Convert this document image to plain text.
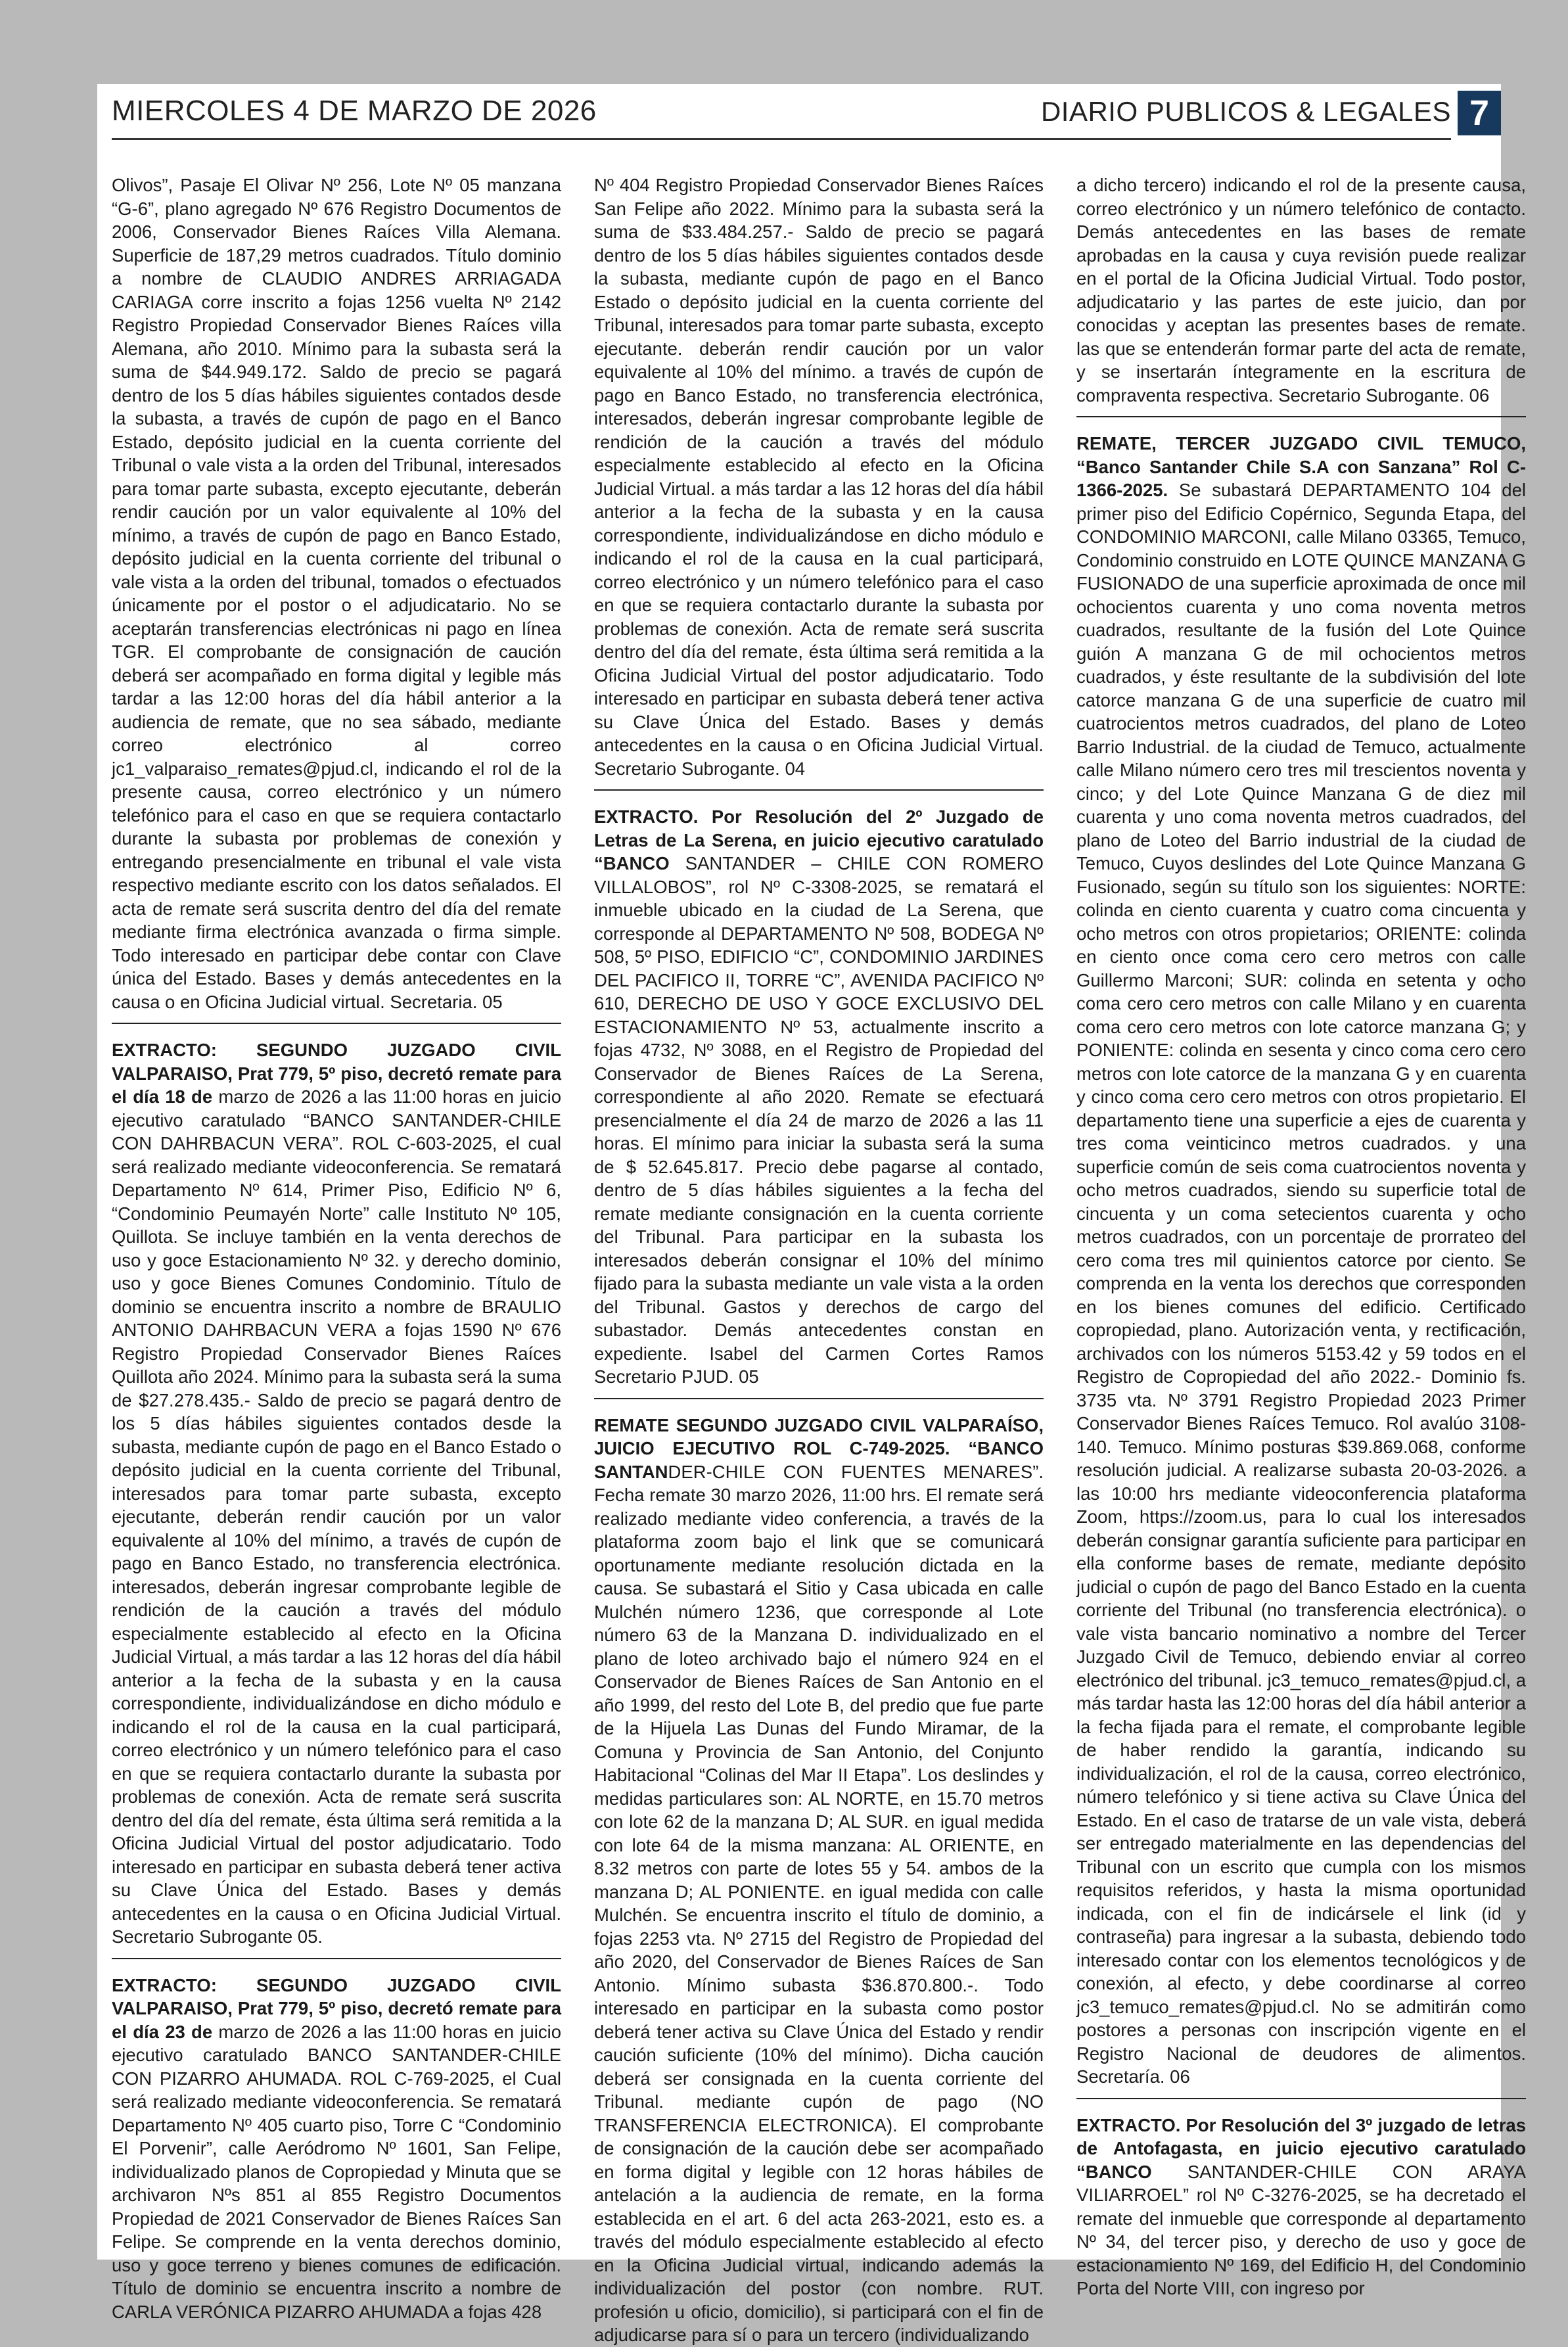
MIERCOLES 4 DE MARZO DE 2026	DIARIO PUBLICOS & LEGALES 7

Olivos”, Pasaje El Olivar Nº 256, Lote Nº 05 manzana “G-6”, plano agregado Nº 676 Registro Documentos de 2006, Conservador Bienes Raíces Villa Alemana. Superficie de 187,29 metros cuadrados. Título dominio a nombre de CLAUDIO ANDRES ARRIAGADA CARIAGA corre inscrito a fojas 1256 vuelta Nº 2142 Registro Propiedad Conservador Bienes Raíces villa Alemana, año 2010. Mínimo para la subasta será la suma de $44.949.172. Saldo de precio se pagará dentro de los 5 días hábiles siguientes contados desde la subasta, a través de cupón de pago en el Banco Estado, depósito judicial en la cuenta corriente del Tribunal o vale vista a la orden del Tribunal, interesados para tomar parte subasta, excepto ejecutante, deberán rendir caución por un valor equivalente al 10% del mínimo, a través de cupón de pago en Banco Estado, depósito judicial en la cuenta corriente del tribunal o vale vista a la orden del tribunal, tomados o efectuados únicamente por el postor o el adjudicatario. No se aceptarán transferencias electrónicas ni pago en línea TGR. El comprobante de consignación de caución deberá ser acompañado en forma digital y legible más tardar a las 12:00 horas del día hábil anterior a la audiencia de remate, que no sea sábado, mediante correo electrónico al correo jc1_valparaiso_remates@pjud.cl, indicando el rol de la presente causa, correo electrónico y un número telefónico para el caso en que se requiera contactarlo durante la subasta por problemas de conexión y entregando presencialmente en tribunal el vale vista respectivo mediante escrito con los datos señalados. El acta de remate será suscrita dentro del día del remate mediante firma electrónica avanzada o firma simple. Todo interesado en participar debe contar con Clave única del Estado. Bases y demás antecedentes en la causa o en Oficina Judicial virtual. Secretaria. 05

EXTRACTO: SEGUNDO JUZGADO CIVIL VALPARAISO, Prat 779, 5º piso, decretó remate para el día 18 de marzo de 2026 a las 11:00 horas en juicio ejecutivo caratulado “BANCO SANTANDER-CHILE CON DAHRBACUN VERA”. ROL C-603-2025, el cual será realizado mediante videoconferencia. Se rematará Departamento Nº 614, Primer Piso, Edificio Nº 6, “Condominio Peumayén Norte” calle Instituto Nº 105, Quillota. Se incluye también en la venta derechos de uso y goce Estacionamiento Nº 32. y derecho dominio, uso y goce Bienes Comunes Condominio. Título de dominio se encuentra inscrito a nombre de BRAULIO ANTONIO DAHRBACUN VERA a fojas 1590 Nº 676 Registro Propiedad Conservador Bienes Raíces Quillota año 2024. Mínimo para la subasta será la suma de $27.278.435.- Saldo de precio se pagará dentro de los 5 días hábiles siguientes contados desde la subasta, mediante cupón de pago en el Banco Estado o depósito judicial en la cuenta corriente del Tribunal, interesados para tomar parte subasta, excepto ejecutante, deberán rendir caución por un valor equivalente al 10% del mínimo, a través de cupón de pago en Banco Estado, no transferencia electrónica. interesados, deberán ingresar comprobante legible de rendición de la caución a través del módulo especialmente establecido al efecto en la Oficina Judicial Virtual, a más tardar a las 12 horas del día hábil anterior a la fecha de la subasta y en la causa correspondiente, individualizándose en dicho módulo e indicando el rol de la causa en la cual participará, correo electrónico y un número telefónico para el caso en que se requiera contactarlo durante la subasta por problemas de conexión. Acta de remate será suscrita dentro del día del remate, ésta última será remitida a la Oficina Judicial Virtual del postor adjudicatario. Todo interesado en participar en subasta deberá tener activa su Clave Única del Estado. Bases y demás antecedentes en la causa o en Oficina Judicial Virtual. Secretario Subrogante 05.

EXTRACTO: SEGUNDO JUZGADO CIVIL VALPARAISO, Prat 779, 5º piso, decretó remate para el día 23 de marzo de 2026 a las 11:00 horas en juicio ejecutivo caratulado BANCO SANTANDER-CHILE CON PIZARRO AHUMADA. ROL C-769-2025, el Cual será realizado mediante videoconferencia. Se rematará Departamento Nº 405 cuarto piso, Torre C “Condominio El Porvenir”, calle Aeródromo Nº 1601, San Felipe, individualizado planos de Copropiedad y Minuta que se archivaron Nºs 851 al 855 Registro Documentos Propiedad de 2021 Conservador de Bienes Raíces San Felipe. Se comprende en la venta derechos dominio, uso y goce terreno y bienes comunes de edificación. Título de dominio se encuentra inscrito a nombre de CARLA VERÓNICA PIZARRO AHUMADA a fojas 428

Nº 404 Registro Propiedad Conservador Bienes Raíces San Felipe año 2022. Mínimo para la subasta será la suma de $33.484.257.- Saldo de precio se pagará dentro de los 5 días hábiles siguientes contados desde la subasta, mediante cupón de pago en el Banco Estado o depósito judicial en la cuenta corriente del Tribunal, interesados para tomar parte subasta, excepto ejecutante. deberán rendir caución por un valor equivalente al 10% del mínimo. a través de cupón de pago en Banco Estado, no transferencia electrónica, interesados, deberán ingresar comprobante legible de rendición de la caución a través del módulo especialmente establecido al efecto en la Oficina Judicial Virtual. a más tardar a las 12 horas del día hábil anterior a la fecha de la subasta y en la causa correspondiente, individualizándose en dicho módulo e indicando el rol de la causa en la cual participará, correo electrónico y un número telefónico para el caso en que se requiera contactarlo durante la subasta por problemas de conexión. Acta de remate será suscrita dentro del día del remate, ésta última será remitida a la Oficina Judicial Virtual del postor adjudicatario. Todo interesado en participar en subasta deberá tener activa su Clave Única del Estado. Bases y demás antecedentes en la causa o en Oficina Judicial Virtual. Secretario Subrogante. 04

EXTRACTO. Por Resolución del 2º Juzgado de Letras de La Serena, en juicio ejecutivo caratulado “BANCO SANTANDER – CHILE CON ROMERO VILLALOBOS”, rol Nº C-3308-2025, se rematará el inmueble ubicado en la ciudad de La Serena, que corresponde al DEPARTAMENTO Nº 508, BODEGA Nº 508, 5º PISO, EDIFICIO “C”, CONDOMINIO JARDINES DEL PACIFICO II, TORRE “C”, AVENIDA PACIFICO Nº 610, DERECHO DE USO Y GOCE EXCLUSIVO DEL ESTACIONAMIENTO Nº 53, actualmente inscrito a fojas 4732, Nº 3088, en el Registro de Propiedad del Conservador de Bienes Raíces de La Serena, correspondiente al año 2020. Remate se efectuará presencialmente el día 24 de marzo de 2026 a las 11 horas. El mínimo para iniciar la subasta será la suma de $ 52.645.817. Precio debe pagarse al contado, dentro de 5 días hábiles siguientes a la fecha del remate mediante consignación en la cuenta corriente del Tribunal. Para participar en la subasta los interesados deberán consignar el 10% del mínimo fijado para la subasta mediante un vale vista a la orden del Tribunal. Gastos y derechos de cargo del subastador. Demás antecedentes constan en expediente. Isabel del Carmen Cortes Ramos Secretario PJUD. 05

REMATE SEGUNDO JUZGADO CIVIL VALPARAÍSO, JUICIO EJECUTIVO ROL C-749-2025. “BANCO SANTANDER-CHILE CON FUENTES MENARES”. Fecha remate 30 marzo 2026, 11:00 hrs. El remate será realizado mediante video conferencia, a través de la plataforma zoom bajo el link que se comunicará oportunamente mediante resolución dictada en la causa. Se subastará el Sitio y Casa ubicada en calle Mulchén número 1236, que corresponde al Lote número 63 de la Manzana D. individualizado en el plano de loteo archivado bajo el número 924 en el Conservador de Bienes Raíces de San Antonio en el año 1999, del resto del Lote B, del predio que fue parte de la Hijuela Las Dunas del Fundo Miramar, de la Comuna y Provincia de San Antonio, del Conjunto Habitacional “Colinas del Mar II Etapa”. Los deslindes y medidas particulares son: AL NORTE, en 15.70 metros con lote 62 de la manzana D; AL SUR. en igual medida con lote 64 de la misma manzana: AL ORIENTE, en 8.32 metros con parte de lotes 55 y 54. ambos de la manzana D; AL PONIENTE. en igual medida con calle Mulchén. Se encuentra inscrito el título de dominio, a fojas 2253 vta. Nº 2715 del Registro de Propiedad del año 2020, del Conservador de Bienes Raíces de San Antonio. Mínimo subasta $36.870.800.-. Todo interesado en participar en la subasta como postor deberá tener activa su Clave Única del Estado y rendir caución suficiente (10% del mínimo). Dicha caución deberá ser consignada en la cuenta corriente del Tribunal. mediante cupón de pago (NO TRANSFERENCIA ELECTRONICA). El comprobante de consignación de la caución debe ser acompañado en forma digital y legible con 12 horas hábiles de antelación a la audiencia de remate, en la forma establecida en el art. 6 del acta 263-2021, esto es. a través del módulo especialmente establecido al efecto en la Oficina Judicial virtual, indicando además la individualización del postor (con nombre. RUT. profesión u oficio, domicilio), si participará con el fin de adjudicarse para sí o para un tercero (individualizando

a dicho tercero) indicando el rol de la presente causa, correo electrónico y un número telefónico de contacto. Demás antecedentes en las bases de remate aprobadas en la causa y cuya revisión puede realizar en el portal de la Oficina Judicial Virtual. Todo postor, adjudicatario y las partes de este juicio, dan por conocidas y aceptan las presentes bases de remate. las que se entenderán formar parte del acta de remate, y se insertarán íntegramente en la escritura de compraventa respectiva. Secretario Subrogante. 06

REMATE, TERCER JUZGADO CIVIL TEMUCO, “Banco Santander Chile S.A con Sanzana” Rol C-1366-2025. Se subastará DEPARTAMENTO 104 del primer piso del Edificio Copérnico, Segunda Etapa, del CONDOMINIO MARCONI, calle Milano 03365, Temuco, Condominio construido en LOTE QUINCE MANZANA G FUSIONADO de una superficie aproximada de once mil ochocientos cuarenta y uno coma noventa metros cuadrados, resultante de la fusión del Lote Quince guión A manzana G de mil ochocientos metros cuadrados, y éste resultante de la subdivisión del lote catorce manzana G de una superficie de cuatro mil cuatrocientos metros cuadrados, del plano de Loteo Barrio Industrial. de la ciudad de Temuco, actualmente calle Milano número cero tres mil trescientos noventa y cinco; y del Lote Quince Manzana G de diez mil cuarenta y uno coma noventa metros cuadrados, del plano de Loteo del Barrio industrial de la ciudad de Temuco, Cuyos deslindes del Lote Quince Manzana G Fusionado, según su título son los siguientes: NORTE: colinda en ciento cuarenta y cuatro coma cincuenta y ocho metros con otros propietarios; ORIENTE: colinda en ciento once coma cero cero metros con calle Guillermo Marconi; SUR: colinda en setenta y ocho coma cero cero metros con calle Milano y en cuarenta coma cero cero metros con lote catorce manzana G; y PONIENTE: colinda en sesenta y cinco coma cero cero metros con lote catorce de la manzana G y en cuarenta y cinco coma cero cero metros con otros propietario. El departamento tiene una superficie a ejes de cuarenta y tres coma veinticinco metros cuadrados. y una superficie común de seis coma cuatrocientos noventa y ocho metros cuadrados, siendo su superficie total de cincuenta y un coma setecientos cuarenta y ocho metros cuadrados, con un porcentaje de prorrateo del cero coma tres mil quinientos catorce por ciento. Se comprenda en la venta los derechos que corresponden en los bienes comunes del edificio. Certificado copropiedad, plano. Autorización venta, y rectificación, archivados con los números 5153.42 y 59 todos en el Registro de Copropiedad del año 2022.- Dominio fs. 3735 vta. Nº 3791 Registro Propiedad 2023 Primer Conservador Bienes Raíces Temuco. Rol avalúo 3108-140. Temuco. Mínimo posturas $39.869.068, conforme resolución judicial. A realizarse subasta 20-03-2026. a las 10:00 hrs mediante videoconferencia plataforma Zoom, https://zoom.us, para lo cual los interesados deberán consignar garantía suficiente para participar en ella conforme bases de remate, mediante depósito judicial o cupón de pago del Banco Estado en la cuenta corriente del Tribunal (no transferencia electrónica). o vale vista bancario nominativo a nombre del Tercer Juzgado Civil de Temuco, debiendo enviar al correo electrónico del tribunal. jc3_temuco_remates@pjud.cl, a más tardar hasta las 12:00 horas del día hábil anterior a la fecha fijada para el remate, el comprobante legible de haber rendido la garantía, indicando su individualización, el rol de la causa, correo electrónico, número telefónico y si tiene activa su Clave Única del Estado. En el caso de tratarse de un vale vista, deberá ser entregado materialmente en las dependencias del Tribunal con un escrito que cumpla con los mismos requisitos referidos, y hasta la misma oportunidad indicada, con el fin de indicársele el link (id y contraseña) para ingresar a la subasta, debiendo todo interesado contar con los elementos tecnológicos y de conexión, al efecto, y debe coordinarse al correo jc3_temuco_remates@pjud.cl. No se admitirán como postores a personas con inscripción vigente en el Registro Nacional de deudores de alimentos. Secretaría. 06

EXTRACTO. Por Resolución del 3º juzgado de letras de Antofagasta, en juicio ejecutivo caratulado “BANCO SANTANDER-CHILE CON ARAYA VILIARROEL” rol Nº C-3276-2025, se ha decretado el remate del inmueble que corresponde al departamento Nº 34, del tercer piso, y derecho de uso y goce de estacionamiento Nº 169, del Edificio H, del Condominio Porta del Norte VIII, con ingreso por
